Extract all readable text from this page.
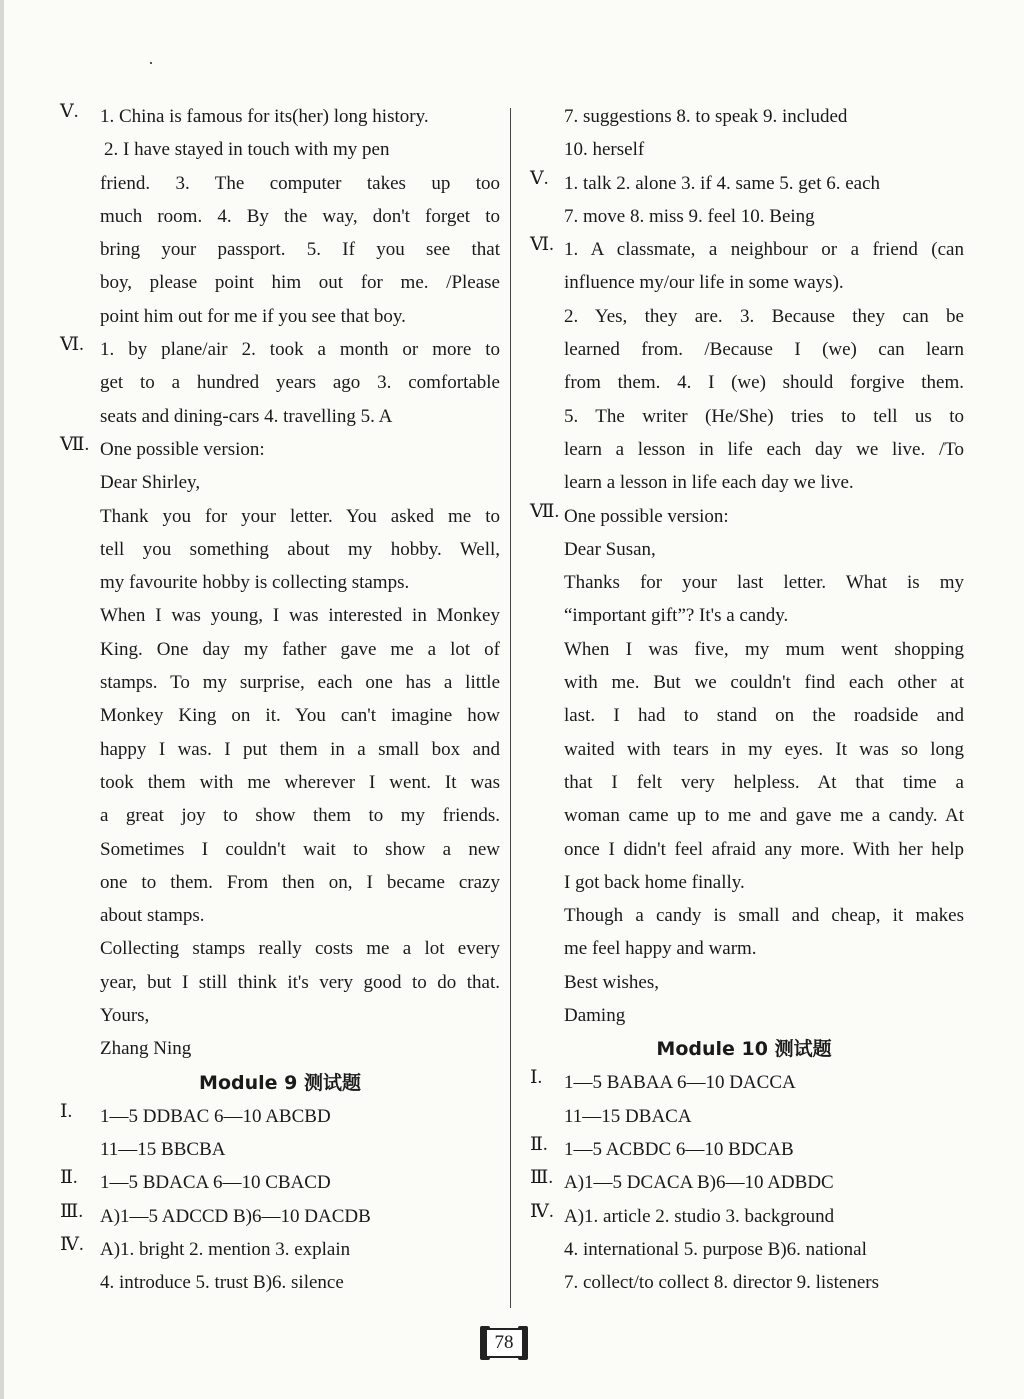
Ⅴ. 1. China is famous for its(her) long history.
2. I have stayed in touch with my pen
friend. 3. The computer takes up too
much room. 4. By the way, don't forget to
bring your passport. 5. If you see that
boy, please point him out for me. /Please
point him out for me if you see that boy.
Ⅵ. 1. by plane/air 2. took a month or more to
get to a hundred years ago 3. comfortable
seats and dining-cars 4. travelling 5. A
Ⅶ. One possible version:
Dear Shirley,
Thank you for your letter. You asked me to
tell you something about my hobby. Well,
my favourite hobby is collecting stamps.
When I was young, I was interested in Monkey
King. One day my father gave me a lot of
stamps. To my surprise, each one has a little
Monkey King on it. You can't imagine how
happy I was. I put them in a small box and
took them with me wherever I went. It was
a great joy to show them to my friends.
Sometimes I couldn't wait to show a new
one to them. From then on, I became crazy
about stamps.
Collecting stamps really costs me a lot every
year, but I still think it's very good to do that.
Yours,
Zhang Ning
Module 9 测试题
Ⅰ. 1—5 DDBAC 6—10 ABCBD
11—15 BBCBA
Ⅱ. 1—5 BDACA 6—10 CBACD
Ⅲ. A)1—5 ADCCD B)6—10 DACDB
Ⅳ. A)1. bright 2. mention 3. explain
4. introduce 5. trust B)6. silence
7. suggestions 8. to speak 9. included
10. herself
Ⅴ. 1. talk 2. alone 3. if 4. same 5. get 6. each
7. move 8. miss 9. feel 10. Being
Ⅵ. 1. A classmate, a neighbour or a friend (can
influence my/our life in some ways).
2. Yes, they are. 3. Because they can be
learned from. /Because I (we) can learn
from them. 4. I (we) should forgive them.
5. The writer (He/She) tries to tell us to
learn a lesson in life each day we live. /To
learn a lesson in life each day we live.
Ⅶ. One possible version:
Dear Susan,
Thanks for your last letter. What is my
“important gift”? It's a candy.
When I was five, my mum went shopping
with me. But we couldn't find each other at
last. I had to stand on the roadside and
waited with tears in my eyes. It was so long
that I felt very helpless. At that time a
woman came up to me and gave me a candy. At
once I didn't feel afraid any more. With her help
I got back home finally.
Though a candy is small and cheap, it makes
me feel happy and warm.
Best wishes,
Daming
Module 10 测试题
Ⅰ. 1—5 BABAA 6—10 DACCA
11—15 DBACA
Ⅱ. 1—5 ACBDC 6—10 BDCAB
Ⅲ. A)1—5 DCACA B)6—10 ADBDC
Ⅳ. A)1. article 2. studio 3. background
4. international 5. purpose B)6. national
7. collect/to collect 8. director 9. listeners
78
